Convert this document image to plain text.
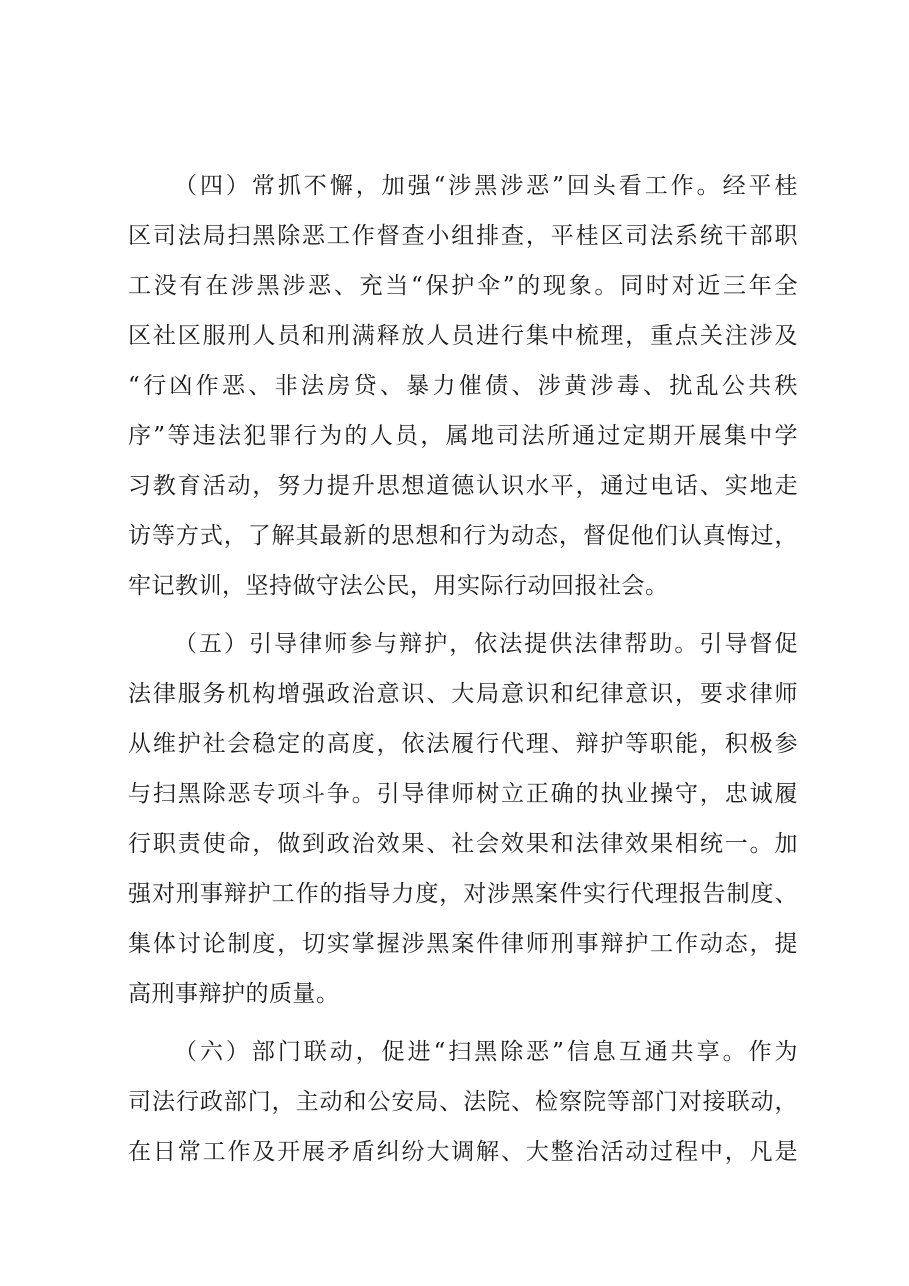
（四）常抓不懈，加强“涉黑涉恶”回头看工作。经平桂
区司法局扫黑除恶工作督查小组排查，平桂区司法系统干部职
工没有在涉黑涉恶、充当“保护伞”的现象。同时对近三年全
区社区服刑人员和刑满释放人员进行集中梳理，重点关注涉及
“行凶作恶、非法房贷、暴力催债、涉黄涉毒、扰乱公共秩
序”等违法犯罪行为的人员，属地司法所通过定期开展集中学
习教育活动，努力提升思想道德认识水平，通过电话、实地走
访等方式，了解其最新的思想和行为动态，督促他们认真悔过，
牢记教训，坚持做守法公民，用实际行动回报社会。
（五）引导律师参与辩护，依法提供法律帮助。引导督促
法律服务机构增强政治意识、大局意识和纪律意识，要求律师
从维护社会稳定的高度，依法履行代理、辩护等职能，积极参
与扫黑除恶专项斗争。引导律师树立正确的执业操守，忠诚履
行职责使命，做到政治效果、社会效果和法律效果相统一。加
强对刑事辩护工作的指导力度，对涉黑案件实行代理报告制度、
集体讨论制度，切实掌握涉黑案件律师刑事辩护工作动态，提
高刑事辩护的质量。
（六）部门联动，促进“扫黑除恶”信息互通共享。作为
司法行政部门，主动和公安局、法院、检察院等部门对接联动，
在日常工作及开展矛盾纠纷大调解、大整治活动过程中，凡是
